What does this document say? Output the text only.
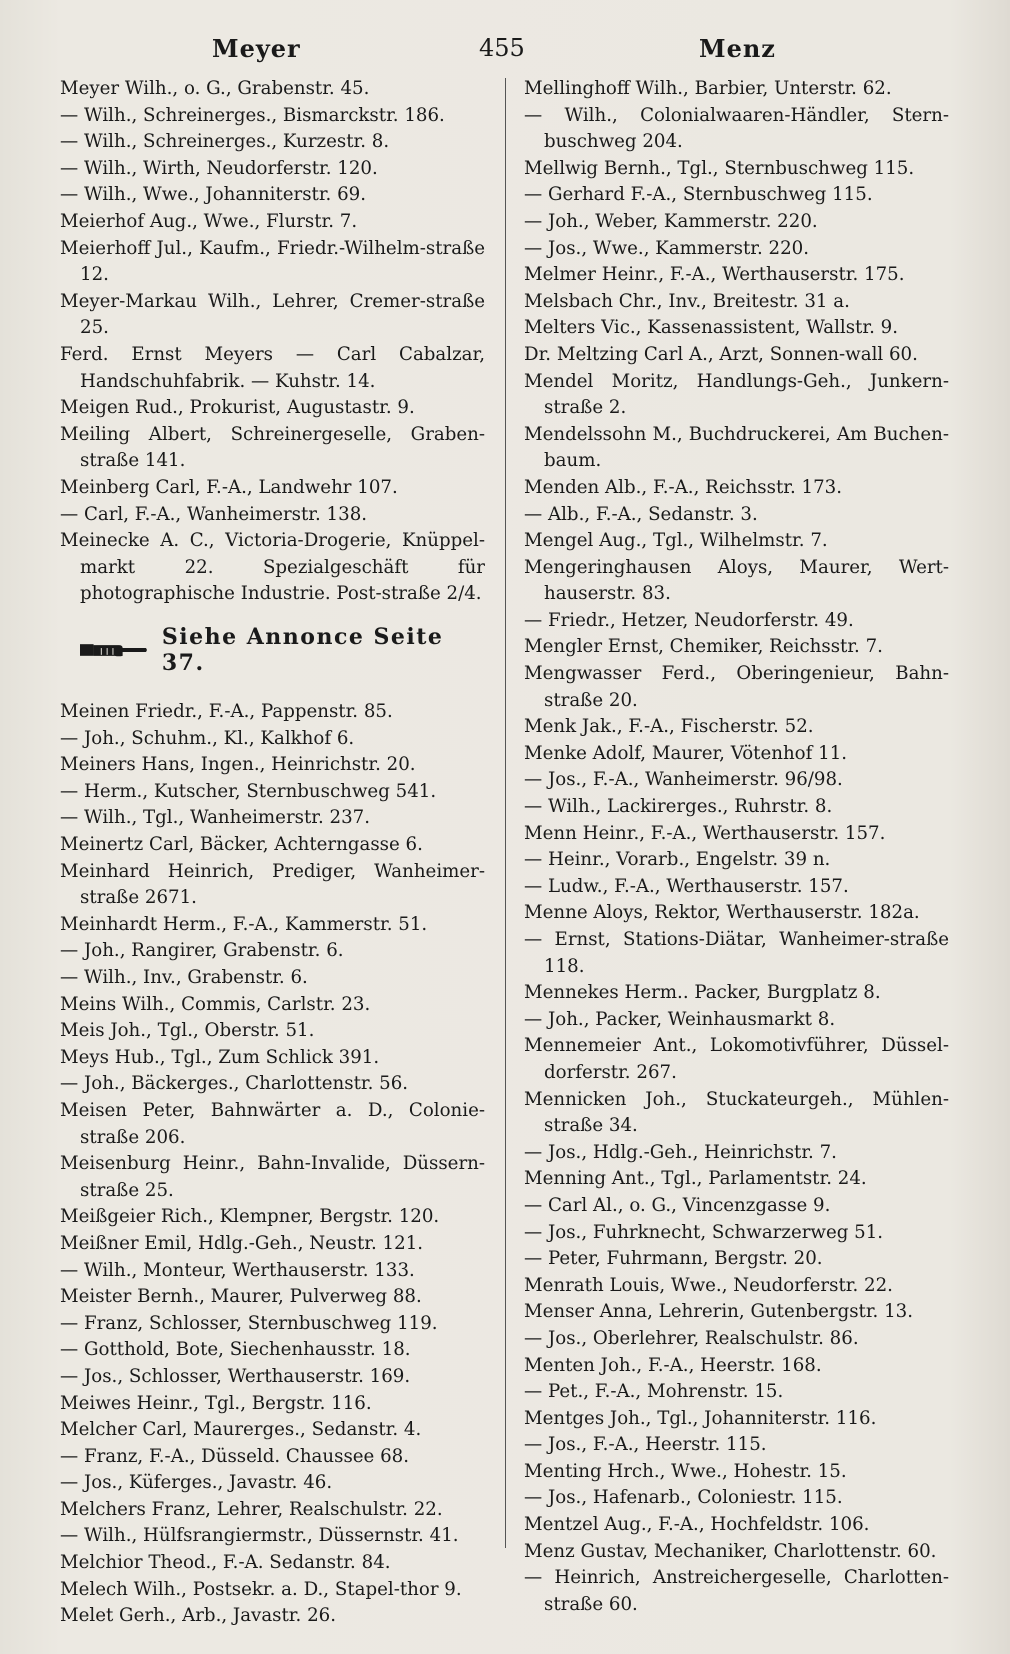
Meyer	455	Menz

Meyer Wilh., o. G., Grabenstr. 45.

— Wilh., Schreinerges., Bismarckstr. 186.

— Wilh., Schreinerges., Kurzestr. 8.

— Wilh., Wirth, Neudorferstr. 120.

— Wilh., Wwe., Johanniterstr. 69.

Meierhof Aug., Wwe., Flurstr. 7.

Meierhoff Jul., Kaufm., Friedr.-Wilhelm-straße 12.

Meyer-Markau Wilh., Lehrer, Cremer-straße 25.

Ferd. Ernst Meyers — Carl Cabalzar, Handschuhfabrik. — Kuhstr. 14.

Meigen Rud., Prokurist, Augustastr. 9.

Meiling Albert, Schreinergeselle, Graben-straße 141.

Meinberg Carl, F.-A., Landwehr 107.

— Carl, F.-A., Wanheimerstr. 138.

Meinecke A. C., Victoria-Drogerie, Knüppel-markt 22. Spezialgeschäft für photographische Industrie. Post-straße 2/4.

Siehe Annonce Seite 37.

Meinen Friedr., F.-A., Pappenstr. 85.

— Joh., Schuhm., Kl., Kalkhof 6.

Meiners Hans, Ingen., Heinrichstr. 20.

— Herm., Kutscher, Sternbuschweg 541.

— Wilh., Tgl., Wanheimerstr. 237.

Meinertz Carl, Bäcker, Achterngasse 6.

Meinhard Heinrich, Prediger, Wanheimer-straße 2671.

Meinhardt Herm., F.-A., Kammerstr. 51.

— Joh., Rangirer, Grabenstr. 6.

— Wilh., Inv., Grabenstr. 6.

Meins Wilh., Commis, Carlstr. 23.

Meis Joh., Tgl., Oberstr. 51.

Meys Hub., Tgl., Zum Schlick 391.

— Joh., Bäckerges., Charlottenstr. 56.

Meisen Peter, Bahnwärter a. D., Colonie-straße 206.

Meisenburg Heinr., Bahn-Invalide, Düssern-straße 25.

Meißgeier Rich., Klempner, Bergstr. 120.

Meißner Emil, Hdlg.-Geh., Neustr. 121.

— Wilh., Monteur, Werthauserstr. 133.

Meister Bernh., Maurer, Pulverweg 88.

— Franz, Schlosser, Sternbuschweg 119.

— Gotthold, Bote, Siechenhausstr. 18.

— Jos., Schlosser, Werthauserstr. 169.

Meiwes Heinr., Tgl., Bergstr. 116.

Melcher Carl, Maurerges., Sedanstr. 4.

— Franz, F.-A., Düsseld. Chaussee 68.

— Jos., Küferges., Javastr. 46.

Melchers Franz, Lehrer, Realschulstr. 22.

— Wilh., Hülfsrangiermstr., Düssernstr. 41.

Melchior Theod., F.-A. Sedanstr. 84.

Melech Wilh., Postsekr. a. D., Stapel-thor 9.

Melet Gerh., Arb., Javastr. 26.

Mellinghoff Wilh., Barbier, Unterstr. 62.

— Wilh., Colonialwaaren-Händler, Stern-buschweg 204.

Mellwig Bernh., Tgl., Sternbuschweg 115.

— Gerhard F.-A., Sternbuschweg 115.

— Joh., Weber, Kammerstr. 220.

— Jos., Wwe., Kammerstr. 220.

Melmer Heinr., F.-A., Werthauserstr. 175.

Melsbach Chr., Inv., Breitestr. 31 a.

Melters Vic., Kassenassistent, Wallstr. 9.

Dr. Meltzing Carl A., Arzt, Sonnen-wall 60.

Mendel Moritz, Handlungs-Geh., Junkern-straße 2.

Mendelssohn M., Buchdruckerei, Am Buchen-baum.

Menden Alb., F.-A., Reichsstr. 173.

— Alb., F.-A., Sedanstr. 3.

Mengel Aug., Tgl., Wilhelmstr. 7.

Mengeringhausen Aloys, Maurer, Wert-hauserstr. 83.

— Friedr., Hetzer, Neudorferstr. 49.

Mengler Ernst, Chemiker, Reichsstr. 7.

Mengwasser Ferd., Oberingenieur, Bahn-straße 20.

Menk Jak., F.-A., Fischerstr. 52.

Menke Adolf, Maurer, Vötenhof 11.

— Jos., F.-A., Wanheimerstr. 96/98.

— Wilh., Lackirerges., Ruhrstr. 8.

Menn Heinr., F.-A., Werthauserstr. 157.

— Heinr., Vorarb., Engelstr. 39 n.

— Ludw., F.-A., Werthauserstr. 157.

Menne Aloys, Rektor, Werthauserstr. 182a.

— Ernst, Stations-Diätar, Wanheimer-straße 118.

Mennekes Herm.. Packer, Burgplatz 8.

— Joh., Packer, Weinhausmarkt 8.

Mennemeier Ant., Lokomotivführer, Düssel-dorferstr. 267.

Mennicken Joh., Stuckateurgeh., Mühlen-straße 34.

— Jos., Hdlg.-Geh., Heinrichstr. 7.

Menning Ant., Tgl., Parlamentstr. 24.

— Carl Al., o. G., Vincenzgasse 9.

— Jos., Fuhrknecht, Schwarzerweg 51.

— Peter, Fuhrmann, Bergstr. 20.

Menrath Louis, Wwe., Neudorferstr. 22.

Menser Anna, Lehrerin, Gutenbergstr. 13.

— Jos., Oberlehrer, Realschulstr. 86.

Menten Joh., F.-A., Heerstr. 168.

— Pet., F.-A., Mohrenstr. 15.

Mentges Joh., Tgl., Johanniterstr. 116.

— Jos., F.-A., Heerstr. 115.

Menting Hrch., Wwe., Hohestr. 15.

— Jos., Hafenarb., Coloniestr. 115.

Mentzel Aug., F.-A., Hochfeldstr. 106.

Menz Gustav, Mechaniker, Charlottenstr. 60.

— Heinrich, Anstreichergeselle, Charlotten-straße 60.
